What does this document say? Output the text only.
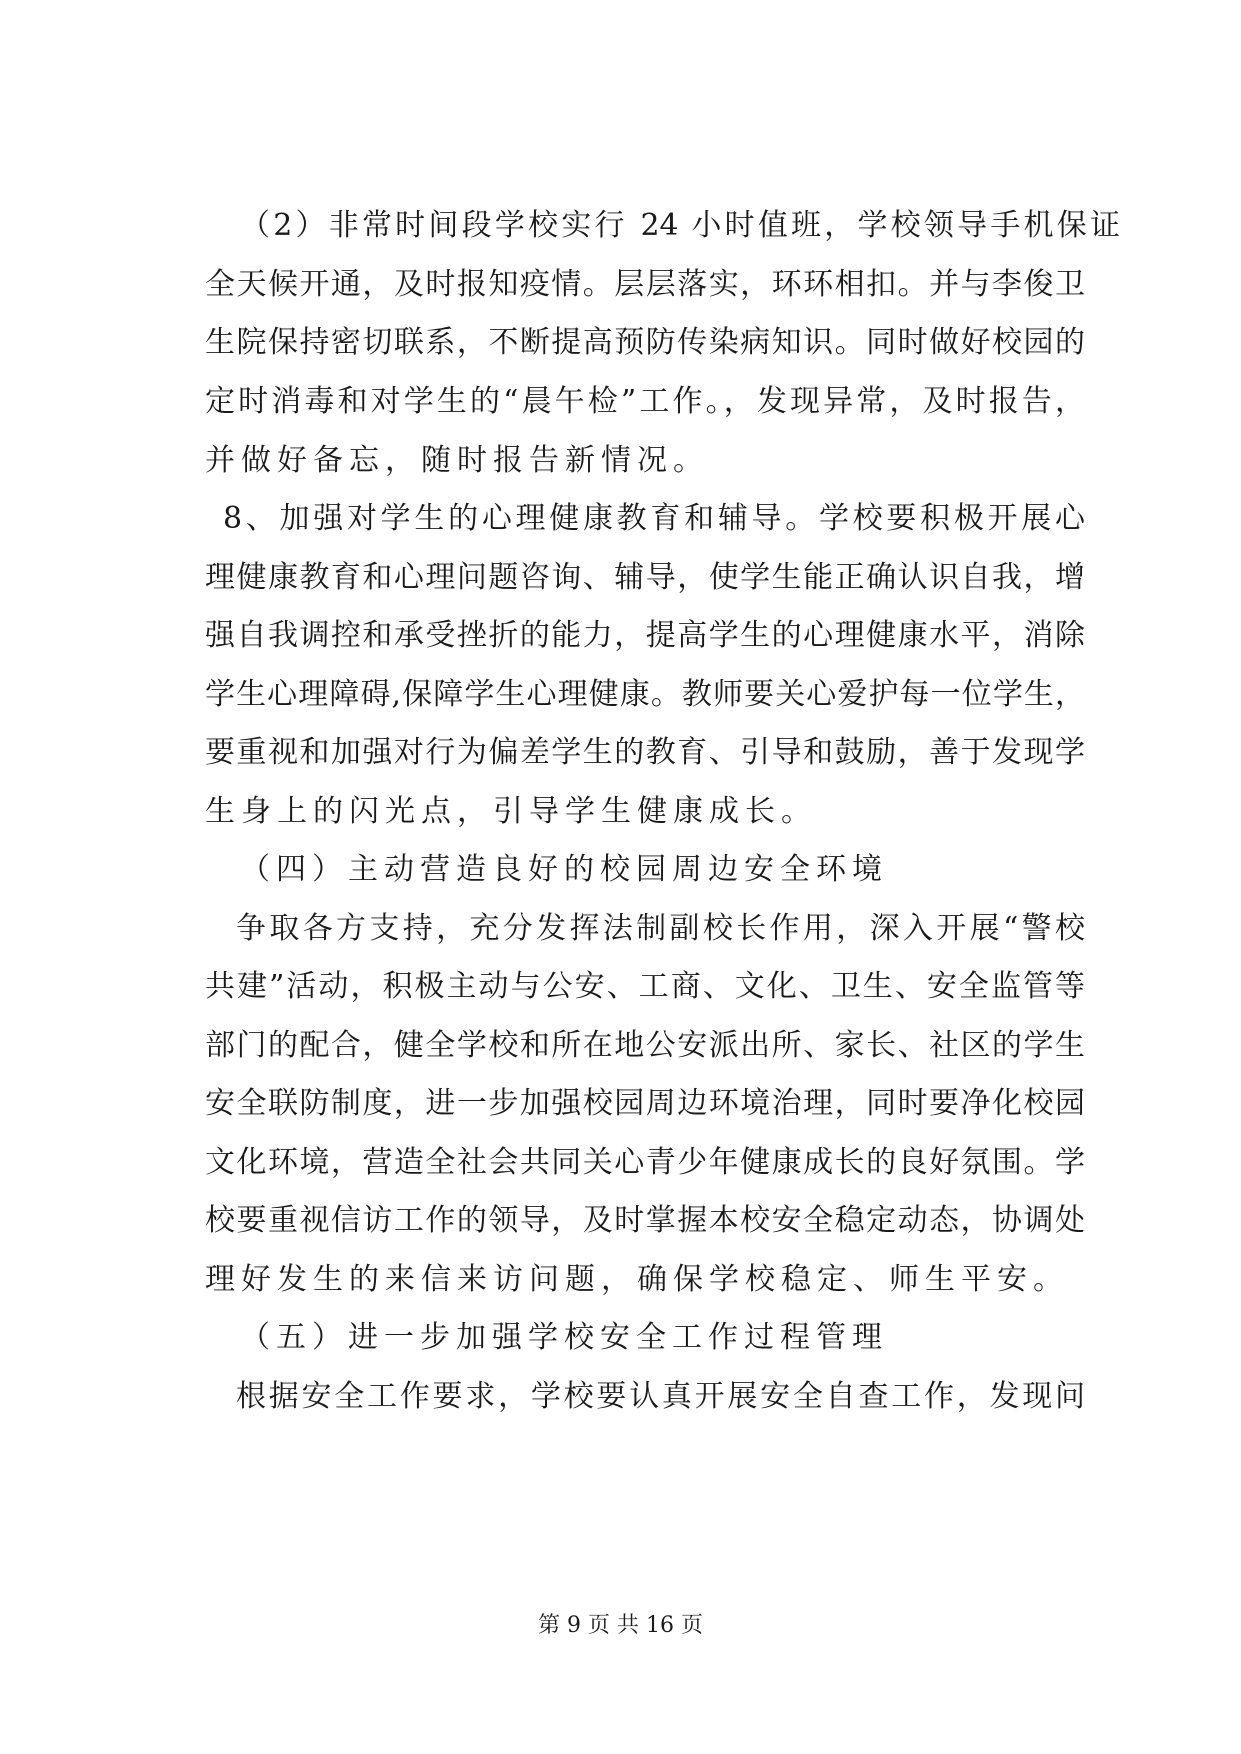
（2）非常时间段学校实行 24 小时值班，学校领导手机保证
全天候开通，及时报知疫情。层层落实，环环相扣。并与李俊卫
生院保持密切联系，不断提高预防传染病知识。同时做好校园的
定时消毒和对学生的“晨午检”工作。，发现异常，及时报告，
并做好备忘，随时报告新情况。
8、加强对学生的心理健康教育和辅导。学校要积极开展心
理健康教育和心理问题咨询、辅导，使学生能正确认识自我，增
强自我调控和承受挫折的能力，提高学生的心理健康水平，消除
学生心理障碍,保障学生心理健康。教师要关心爱护每一位学生，
要重视和加强对行为偏差学生的教育、引导和鼓励，善于发现学
生身上的闪光点，引导学生健康成长。
（四）主动营造良好的校园周边安全环境
争取各方支持，充分发挥法制副校长作用，深入开展“警校
共建”活动，积极主动与公安、工商、文化、卫生、安全监管等
部门的配合，健全学校和所在地公安派出所、家长、社区的学生
安全联防制度，进一步加强校园周边环境治理，同时要净化校园
文化环境，营造全社会共同关心青少年健康成长的良好氛围。学
校要重视信访工作的领导，及时掌握本校安全稳定动态，协调处
理好发生的来信来访问题，确保学校稳定、师生平安。
（五）进一步加强学校安全工作过程管理
根据安全工作要求，学校要认真开展安全自查工作，发现问
第 9 页 共 16 页
